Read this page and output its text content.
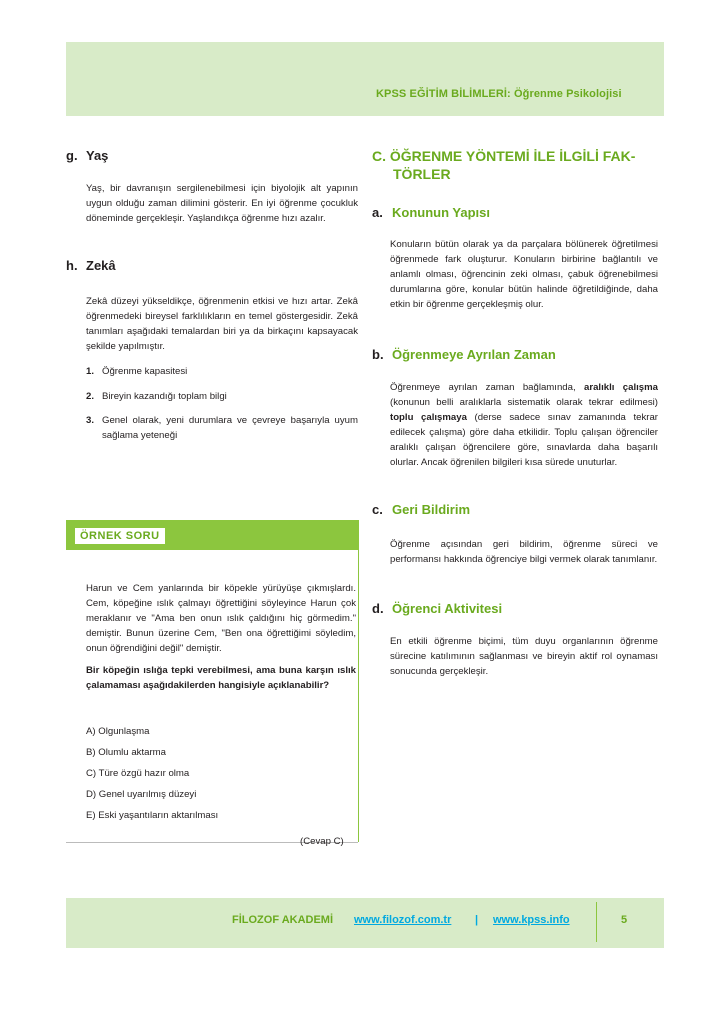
KPSS EĞİTİM BİLİMLERİ: Öğrenme Psikolojisi

g. Yaş

Yaş, bir davranışın sergilenebilmesi için biyolojik alt yapının uygun olduğu zaman dilimini gösterir. En iyi öğrenme çocukluk döneminde gerçekleşir. Yaşlandıkça öğrenme hızı azalır.

h. Zekâ

Zekâ düzeyi yükseldikçe, öğrenmenin etkisi ve hızı artar. Zekâ öğrenmedeki bireysel farklılıkların en temel göstergesidir. Zekâ tanımları aşağıdaki temalardan biri ya da birkaçını kapsayacak şekilde yapılmıştır.

1. Öğrenme kapasitesi
2. Bireyin kazandığı toplam bilgi
3. Genel olarak, yeni durumlara ve çevreye başarıyla uyum sağlama yeteneği
ÖRNEK SORU

Harun ve Cem yanlarında bir köpekle yürüyüşe çıkmışlardı. Cem, köpeğine ıslık çalmayı öğrettiğini söyleyince Harun çok meraklanır ve "Ama ben onun ıslık çaldığını hiç görmedim." demiştir. Bunun üzerine Cem, "Ben ona öğrettiğimi söyledim, onun öğrendiğini değil" demiştir.

Bir köpeğin ıslığa tepki verebilmesi, ama buna karşın ıslık çalamaması aşağıdakilerden hangisiyle açıklanabilir?

A) Olgunlaşma
B) Olumlu aktarma
C) Türe özgü hazır olma
D) Genel uyarılmış düzeyi
E) Eski yaşantıların aktarılması
(Cevap C)
C. ÖĞRENME YÖNTEMİ İLE İLGİLİ FAK-
TÖRLER

a. Konunun Yapısı

Konuların bütün olarak ya da parçalara bölünerek öğretilmesi öğrenmede fark oluşturur. Konuların birbirine bağlantılı ve anlamlı olması, öğrencinin zeki olması, çabuk öğrenebilmesi durumlarına göre, konular bütün halinde öğretildiğinde, daha etkin bir öğrenme gerçekleşmiş olur.

b. Öğrenmeye Ayrılan Zaman

Öğrenmeye ayrılan zaman bağlamında, aralıklı çalışma (konunun belli aralıklarla sistematik olarak tekrar edilmesi) toplu çalışmaya (derse sadece sınav zamanında tekrar edilecek çalışma) göre daha etkilidir. Toplu çalışan öğrenciler aralıklı çalışan öğrencilere göre, sınavlarda daha başarılı olurlar. Ancak öğrenilen bilgileri kısa sürede unuturlar.

c. Geri Bildirim

Öğrenme açısından geri bildirim, öğrenme süreci ve performansı hakkında öğrenciye bilgi vermek olarak tanımlanır.

d. Öğrenci Aktivitesi

En etkili öğrenme biçimi, tüm duyu organlarının öğrenme sürecine katılımının sağlanması ve bireyin aktif rol oynaması sonucunda gerçekleşir.

FİLOZOF AKADEMİ www.filozof.com.tr | www.kpss.info	5
